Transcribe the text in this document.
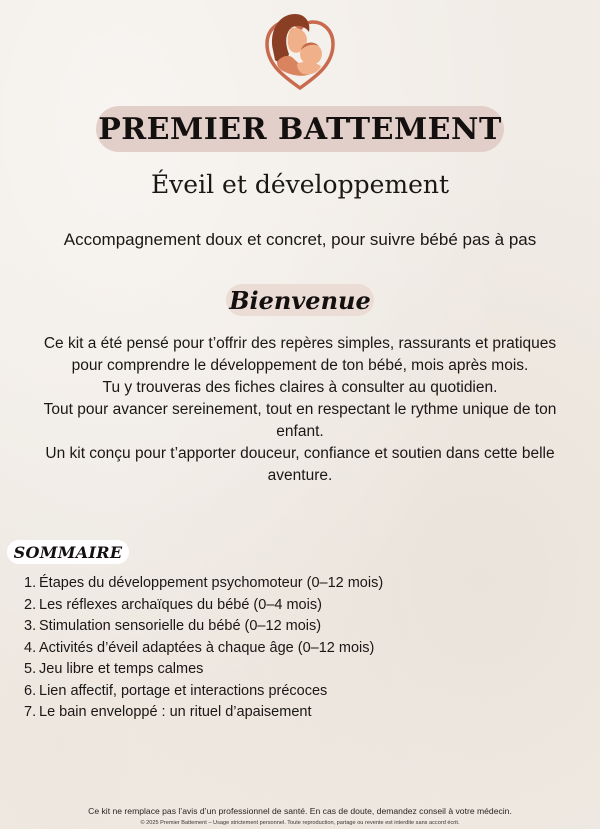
PREMIER BATTEMENT
Éveil et développement
Accompagnement doux et concret, pour suivre bébé pas à pas
Bienvenue

Ce kit a été pensé pour t’offrir des repères simples, rassurants et pratiques pour comprendre le développement de ton bébé, mois après mois.

Tu y trouveras des fiches claires à consulter au quotidien.

Tout pour avancer sereinement, tout en respectant le rythme unique de ton enfant.

Un kit conçu pour t’apporter douceur, confiance et soutien dans cette belle aventure.

SOMMAIRE
1. Étapes du développement psychomoteur (0–12 mois)
2. Les réflexes archaïques du bébé (0–4 mois)
3. Stimulation sensorielle du bébé (0–12 mois)
4. Activités d’éveil adaptées à chaque âge (0–12 mois)
5. Jeu libre et temps calmes
6. Lien affectif, portage et interactions précoces
7. Le bain enveloppé : un rituel d’apaisement
Ce kit ne remplace pas l’avis d’un professionnel de santé. En cas de doute, demandez conseil à votre médecin.
© 2025 Premier Battement – Usage strictement personnel. Toute reproduction, partage ou revente est interdite sans accord écrit.
